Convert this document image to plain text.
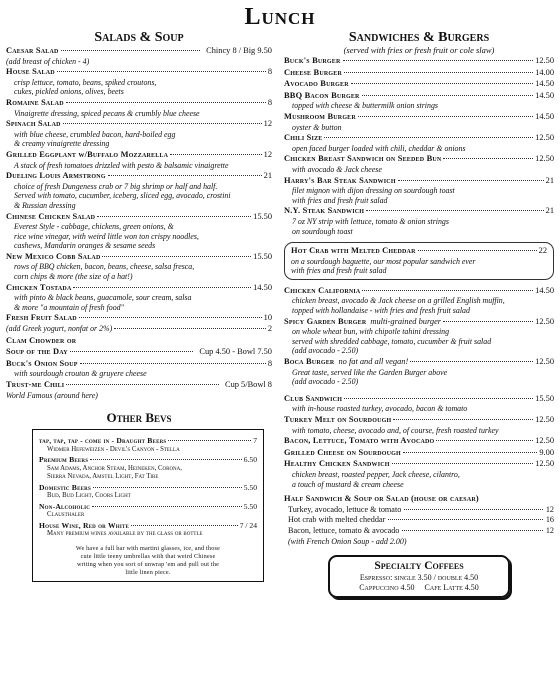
Lunch
Salads & Soup
Caesar Salad	Chincy 8 / Big 9.50
(add breast of chicken - 4)
House Salad	8
crisp lettuce, tomato, beans, spiked croutons,
cukes, pickled onions, olives, beets
Romaine Salad	8
Vinaigrette dressing, spiced pecans & crumbly blue cheese
Spinach Salad	12
with blue cheese, crumbled bacon, hard-boiled egg
& creamy vinaigrette dressing
Grilled Eggplant w/Buffalo Mozzarella	12
A stack of fresh tomatoes drizzled with pesto & balsamic vinaigrette
Dueling Louis Armstrong	21
choice of fresh Dungeness crab or 7 big shrimp or half and half.
Served with tomato, cucumber, iceberg, sliced egg, avocado, crostini
& Russian dressing
Chinese Chicken Salad	15.50
Everest Style - cabbage, chickens, green onions, &
rice wine vinegar, with weird little won ton crispy noodles,
cashews, Mandarin oranges & sesame seeds
New Mexico Cobb Salad	15.50
rows of BBQ chicken, bacon, beans, cheese, salsa fresca,
corn chips & more (the size of a hat!)
Chicken Tostada	14.50
with pinto & black beans, guacamole, sour cream, salsa
& more "a mountain of fresh food"
Fresh Fruit Salad	10
(add Greek yogurt, nonfat or 2%)	2
Clam Chowder or
Soup of the Day	Cup 4.50 - Bowl 7.50
Buck's Onion Soup	8
with sourdough crouton & gruyere cheese
Trust-me Chili	Cup 5/Bowl 8
World Famous (around here)
Other Bevs
tap, tap, tap - come in - Draught Beers	7
Widmer Hefeweizen - Devil's Canyon - Stella
Premium Beers	6.50
Sam Adams, Anchor Steam, Heineken, Corona,
Sierra Nevada, Amstel Light, Fat Tire
Domestic Beers	5.50
Bud, Bud Light, Coors Light
Non-Alcoholic	5.50
Clausthaler
House Wine, Red or White	7 / 24
Many premium wines available by the glass or bottle
We have a full bar with martini glasses, ice, and those
cute little teeny umbrellas with that weird Chinese
writing when you sort of unwrap 'em and pull out the
little linen piece.
Sandwiches & Burgers
(served with fries or fresh fruit or cole slaw)
Buck's Burger	12.50
Cheese Burger	14.00
Avocado Burger	14.50
BBQ Bacon Burger	14.50
topped with cheese & buttermilk onion strings
Mushroom Burger	14.50
oyster & button
Chili Size	12.50
open faced burger loaded with chili, cheddar & onions
Chicken Breast Sandwich on Seeded Bun	12.50
with avocado & Jack cheese
Harry's Bar Steak Sandwich	21
filet mignon with dijon dressing on sourdough toast
with fries and fresh fruit salad
N.Y. Steak Sandwich	21
7 oz NY strip with lettuce, tomato & onion strings
on sourdough toast
Hot Crab with Melted Cheddar	22
on a sourdough baguette, our most popular sandwich ever
with fries and fresh fruit salad
Chicken California	14.50
chicken breast, avocado & Jack cheese on a grilled English muffin,
topped with hollandaise - with fries and fresh fruit salad
Spicy Garden Burger multi-grained burger	12.50
on whole wheat bun, with chipotle tahini dressing
served with shredded cabbage, tomato, cucumber & fruit salad
(add avocado - 2.50)
Boca Burger no fat and all vegan!	12.50
Great taste, served like the Garden Burger above
(add avocado - 2.50)
Club Sandwich	15.50
with in-house roasted turkey, avocado, bacon & tomato
Turkey Melt on Sourdough	12.50
with tomato, cheese, avocado and, of course, fresh roasted turkey
Bacon, Lettuce, Tomato with Avocado	12.50
Grilled Cheese on Sourdough	9.00
Healthy Chicken Sandwich	12.50
chicken breast, roasted pepper, Jack cheese, cilantro,
a touch of mustard & cream cheese
Half Sandwich & Soup or Salad (house or caesar)
Turkey, avocado, lettuce & tomato	12
Hot crab with melted cheddar	16
Bacon, lettuce, tomato & avocado	12
(with French Onion Soup - add 2.00)
Specialty Coffees
Espresso: single 3.50 / double 4.50
Cappuccino 4.50 Cafe Latte 4.50
